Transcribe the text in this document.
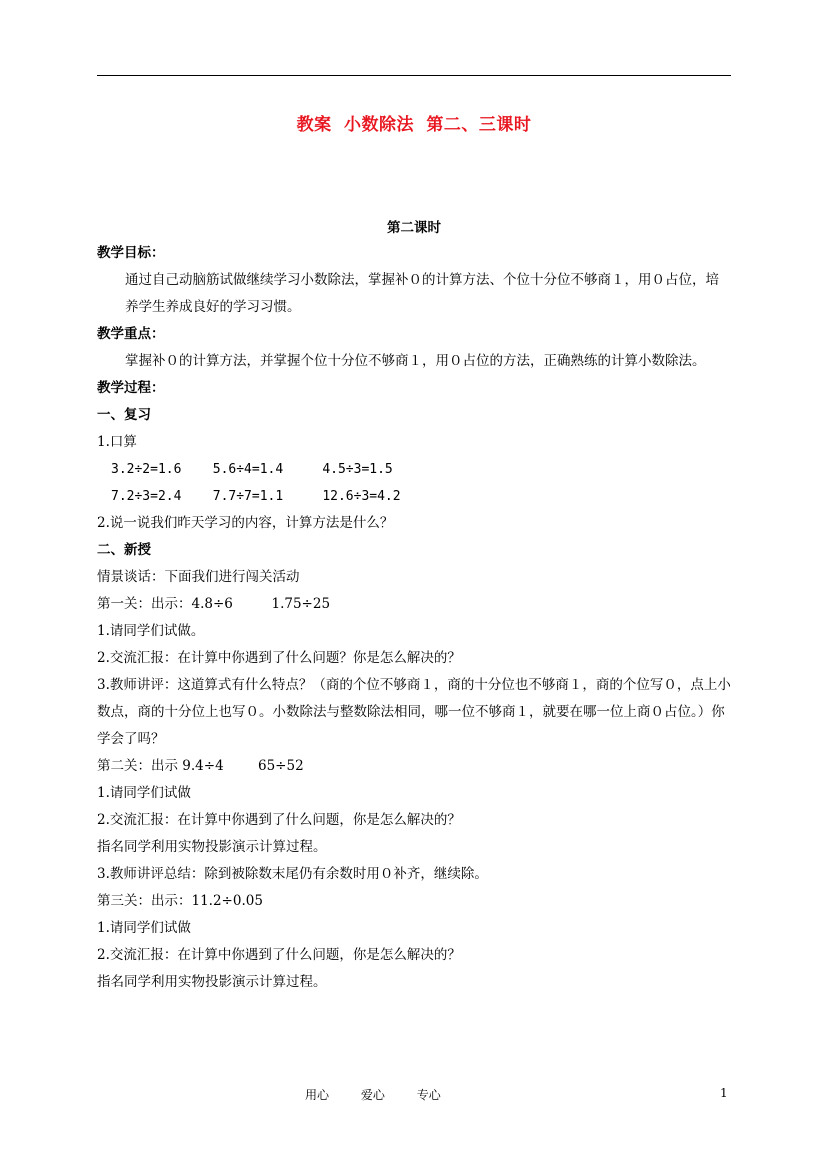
教案 小数除法 第二、三课时
第二课时
教学目标：
通过自己动脑筋试做继续学习小数除法，掌握补０的计算方法、个位十分位不够商１，用０占位，培养学生养成良好的学习习惯。
教学重点：
掌握补０的计算方法，并掌握个位十分位不够商１，用０占位的方法，正确熟练的计算小数除法。
教学过程：
一、复习
1.口算
3.2÷2=1.6    5.6÷4=1.4     4.5÷3=1.5
7.2÷3=2.4    7.7÷7=1.1     12.6÷3=4.2
2.说一说我们昨天学习的内容，计算方法是什么？
二、新授
情景谈话：下面我们进行闯关活动
第一关：出示：4.8÷6         1.75÷25
1.请同学们试做。
2.交流汇报：在计算中你遇到了什么问题？你是怎么解决的？
3.教师讲评：这道算式有什么特点？（商的个位不够商１，商的十分位也不够商１，商的个位写０，点上小数点，商的十分位上也写０。小数除法与整数除法相同，哪一位不够商１，就要在哪一位上商０占位。）你学会了吗？
第二关：出示 9.4÷4        65÷52
1.请同学们试做
2.交流汇报：在计算中你遇到了什么问题，你是怎么解决的？
指名同学利用实物投影演示计算过程。
3.教师讲评总结：除到被除数末尾仍有余数时用０补齐，继续除。
第三关：出示：11.2÷0.05
1.请同学们试做
2.交流汇报：在计算中你遇到了什么问题，你是怎么解决的？
指名同学利用实物投影演示计算过程。
用心	爱心	专心	1
